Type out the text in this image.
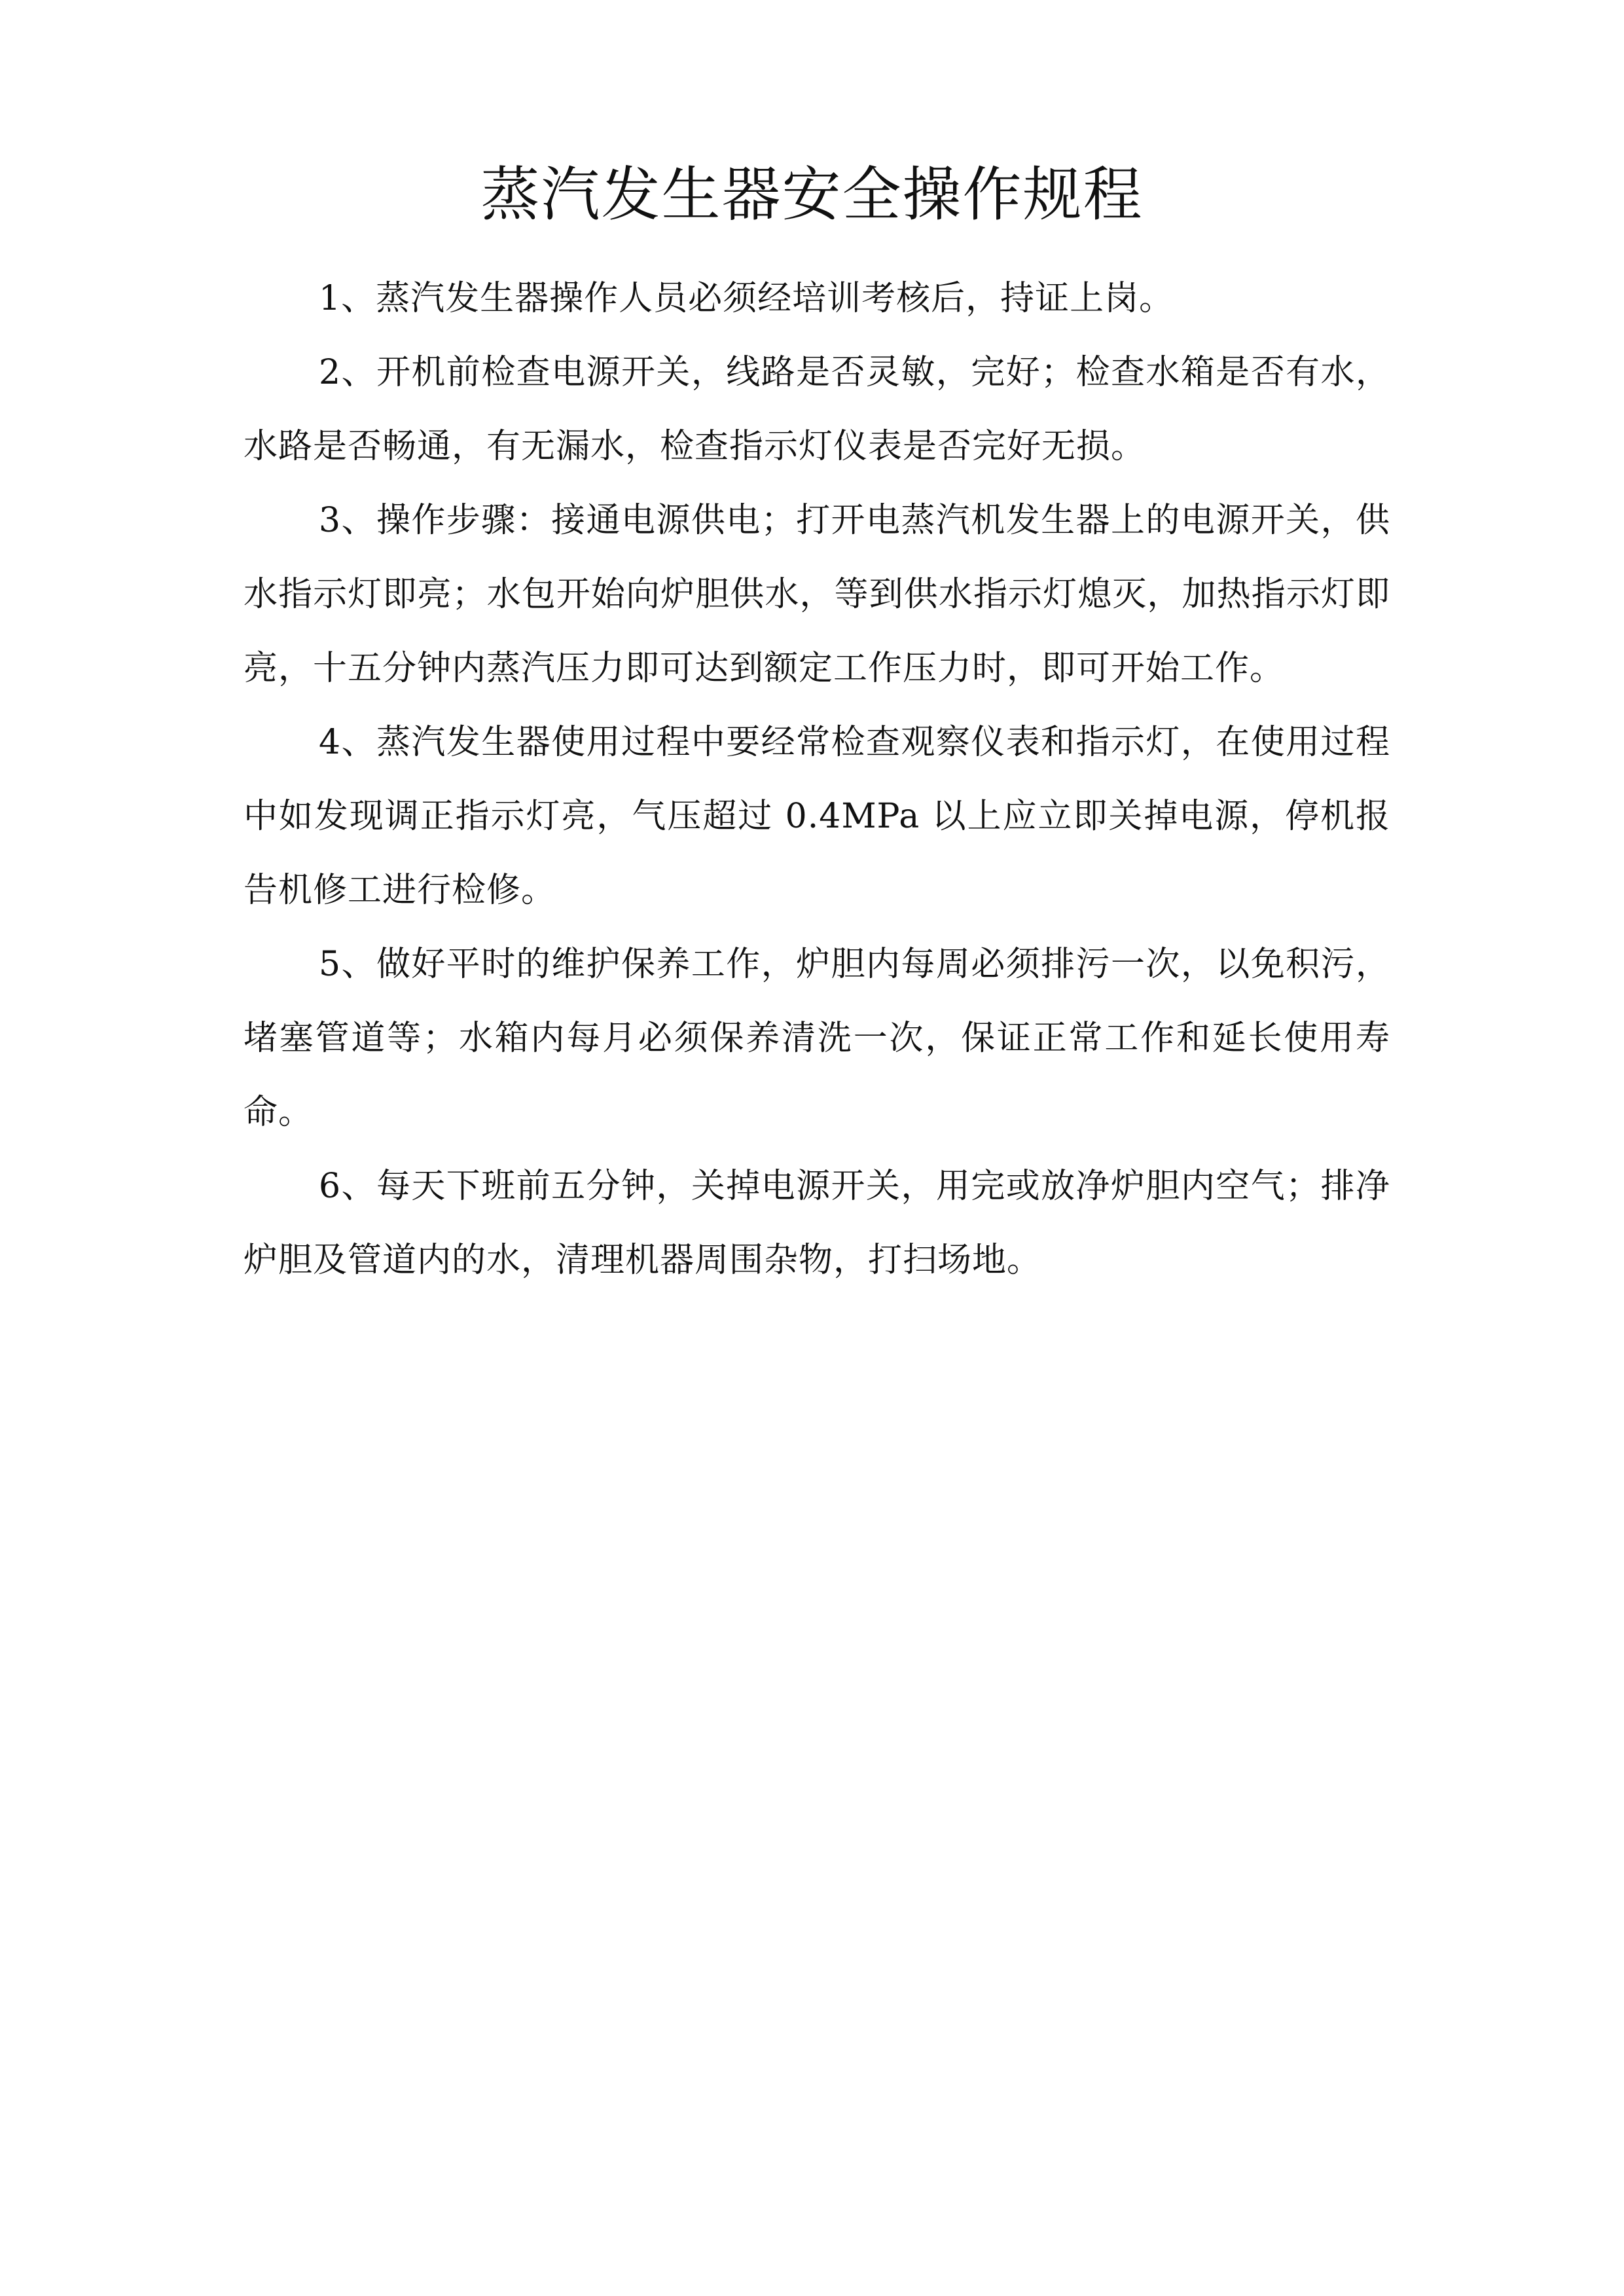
蒸汽发生器安全操作规程

1、蒸汽发生器操作人员必须经培训考核后，持证上岗。

2、开机前检查电源开关，线路是否灵敏，完好；检查水箱是否有水，水路是否畅通，有无漏水，检查指示灯仪表是否完好无损。

3、操作步骤：接通电源供电；打开电蒸汽机发生器上的电源开关，供水指示灯即亮；水包开始向炉胆供水，等到供水指示灯熄灭，加热指示灯即亮，十五分钟内蒸汽压力即可达到额定工作压力时，即可开始工作。

4、蒸汽发生器使用过程中要经常检查观察仪表和指示灯，在使用过程中如发现调正指示灯亮，气压超过 0.4MPa 以上应立即关掉电源，停机报告机修工进行检修。

5、做好平时的维护保养工作，炉胆内每周必须排污一次，以免积污，堵塞管道等；水箱内每月必须保养清洗一次，保证正常工作和延长使用寿命。

6、每天下班前五分钟，关掉电源开关，用完或放净炉胆内空气；排净炉胆及管道内的水，清理机器周围杂物，打扫场地。
